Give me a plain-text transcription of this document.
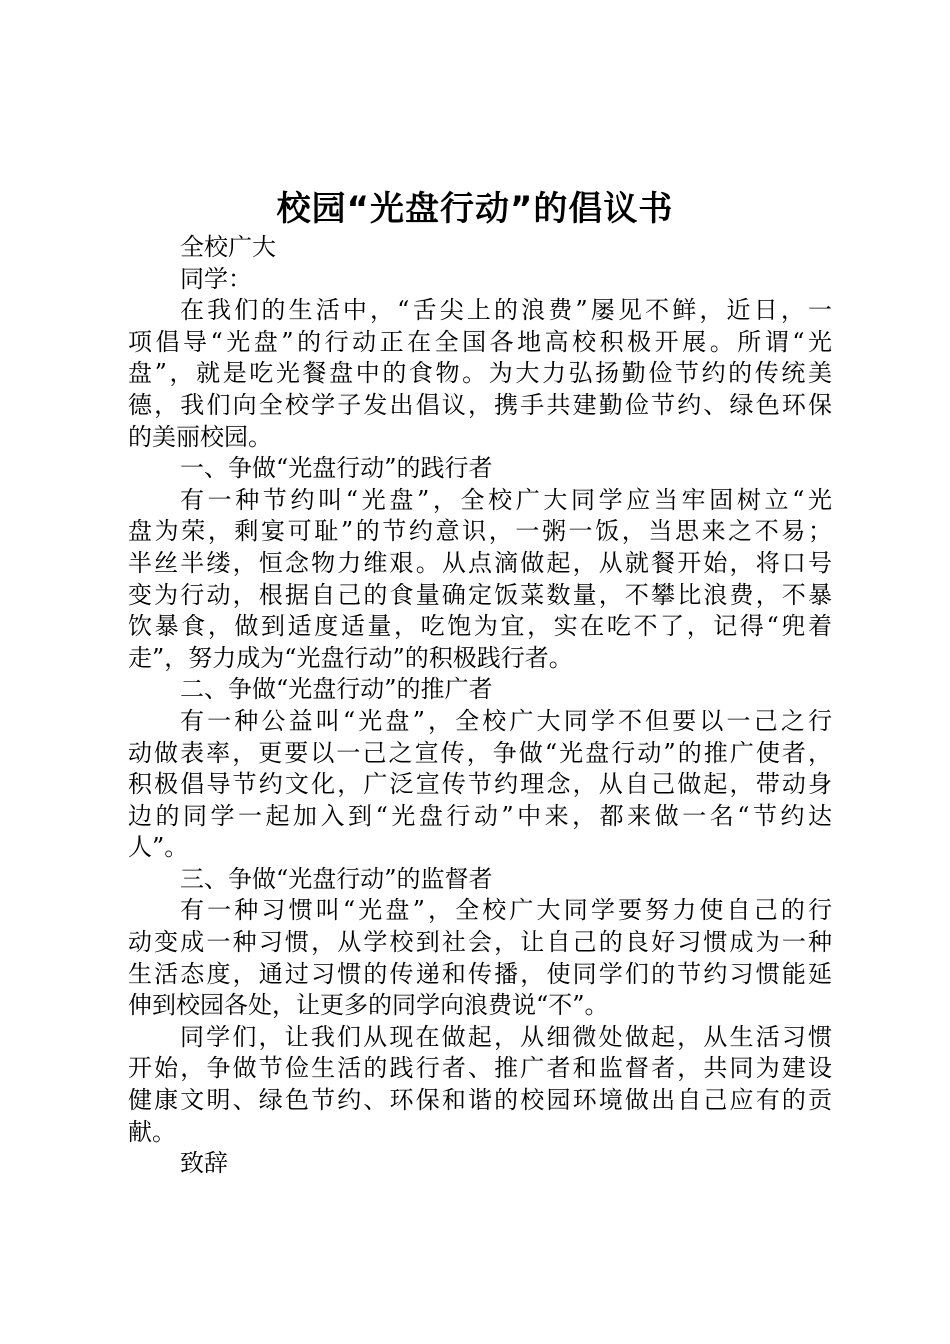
校园“光盘行动”的倡议书

全校广大

同学：

在我们的生活中，“舌尖上的浪费”屡见不鲜，近日，一

项倡导“光盘”的行动正在全国各地高校积极开展。所谓“光

盘”，就是吃光餐盘中的食物。为大力弘扬勤俭节约的传统美

德，我们向全校学子发出倡议，携手共建勤俭节约、绿色环保

的美丽校园。

一、争做“光盘行动”的践行者

有一种节约叫“光盘”，全校广大同学应当牢固树立“光

盘为荣，剩宴可耻”的节约意识，一粥一饭，当思来之不易；

半丝半缕，恒念物力维艰。从点滴做起，从就餐开始，将口号

变为行动，根据自己的食量确定饭菜数量，不攀比浪费，不暴

饮暴食，做到适度适量，吃饱为宜，实在吃不了，记得“兜着

走”，努力成为“光盘行动”的积极践行者。

二、争做“光盘行动”的推广者

有一种公益叫“光盘”，全校广大同学不但要以一己之行

动做表率，更要以一己之宣传，争做“光盘行动”的推广使者，

积极倡导节约文化，广泛宣传节约理念，从自己做起，带动身

边的同学一起加入到“光盘行动”中来，都来做一名“节约达

人”。

三、争做“光盘行动”的监督者

有一种习惯叫“光盘”，全校广大同学要努力使自己的行

动变成一种习惯，从学校到社会，让自己的良好习惯成为一种

生活态度，通过习惯的传递和传播，使同学们的节约习惯能延

伸到校园各处，让更多的同学向浪费说“不”。

同学们，让我们从现在做起，从细微处做起，从生活习惯

开始，争做节俭生活的践行者、推广者和监督者，共同为建设

健康文明、绿色节约、环保和谐的校园环境做出自己应有的贡

献。

致辞
